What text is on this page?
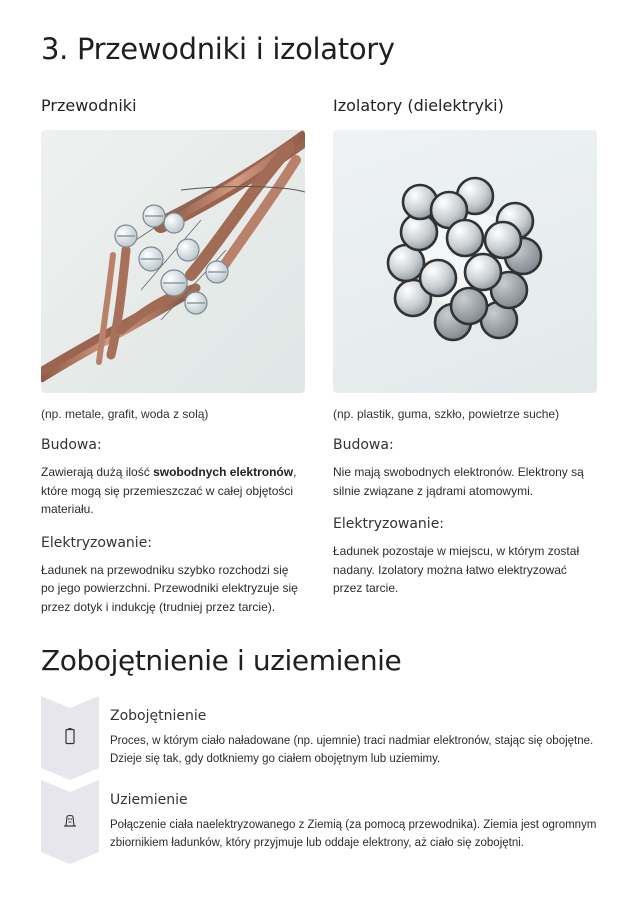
3. Przewodniki i izolatory
Przewodniki
(np. metale, grafit, woda z solą)
Budowa:
Zawierają dużą ilość swobodnych elektronów, które mogą się przemieszczać w całej objętości materiału.
Elektryzowanie:
Ładunek na przewodniku szybko rozchodzi się po jego powierzchni. Przewodniki elektryzuje się przez dotyk i indukcję (trudniej przez tarcie).
Izolatory (dielektryki)
(np. plastik, guma, szkło, powietrze suche)
Budowa:
Nie mają swobodnych elektronów. Elektrony są silnie związane z jądrami atomowymi.
Elektryzowanie:
Ładunek pozostaje w miejscu, w którym został nadany. Izolatory można łatwo elektryzować przez tarcie.
Zobojętnienie i uziemienie
Zobojętnienie
Proces, w którym ciało naładowane (np. ujemnie) traci nadmiar elektronów, stając się obojętne. Dzieje się tak, gdy dotkniemy go ciałem obojętnym lub uziemimy.
Uziemienie
Połączenie ciała naelektryzowanego z Ziemią (za pomocą przewodnika). Ziemia jest ogromnym zbiornikiem ładunków, który przyjmuje lub oddaje elektrony, aż ciało się zobojętni.
